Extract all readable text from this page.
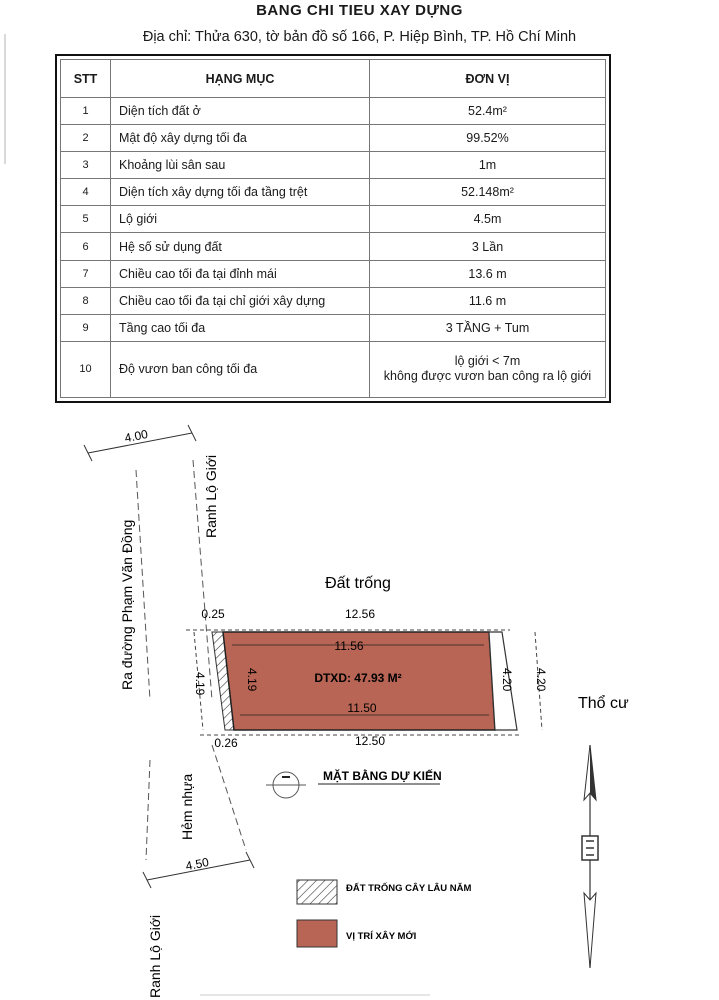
BANG CHI TIEU XAY DỰNG
Địa chỉ: Thửa 630, tờ bản đồ số 166, P. Hiệp Bình, TP. Hồ Chí Minh
STT	HẠNG MỤC	ĐƠN VỊ
1	Diện tích đất ở	52.4m²
2	Mật độ xây dựng tối đa	99.52%
3	Khoảng lùi sân sau	1m
4	Diện tích xây dựng tối đa tầng trệt	52.148m²
5	Lộ giới	4.5m
6	Hệ số sử dụng đất	3 Lần
7	Chiều cao tối đa tại đỉnh mái	13.6 m
8	Chiều cao tối đa tại chỉ giới xây dựng	11.6 m
9	Tầng cao tối đa	3 TẦNG + Tum
10	Độ vươn ban công tối đa	lộ giới < 7m
không được vươn ban công ra lộ giới
4.00
Ranh Lộ Giới
Ra đường Phạm Văn Đồng	Đất trống
0.25	12.56
11.56
4.19	DTXD: 47.93 M²	4.20
11.50
4.19	4.20
0.26	12.50
Thổ cư
MẶT BẰNG DỰ KIẾN
Hẻm nhựa
4.50
Ranh Lộ Giới
ĐẤT TRỐNG CÂY LÂU NĂM
VỊ TRÍ XÂY MỚI
